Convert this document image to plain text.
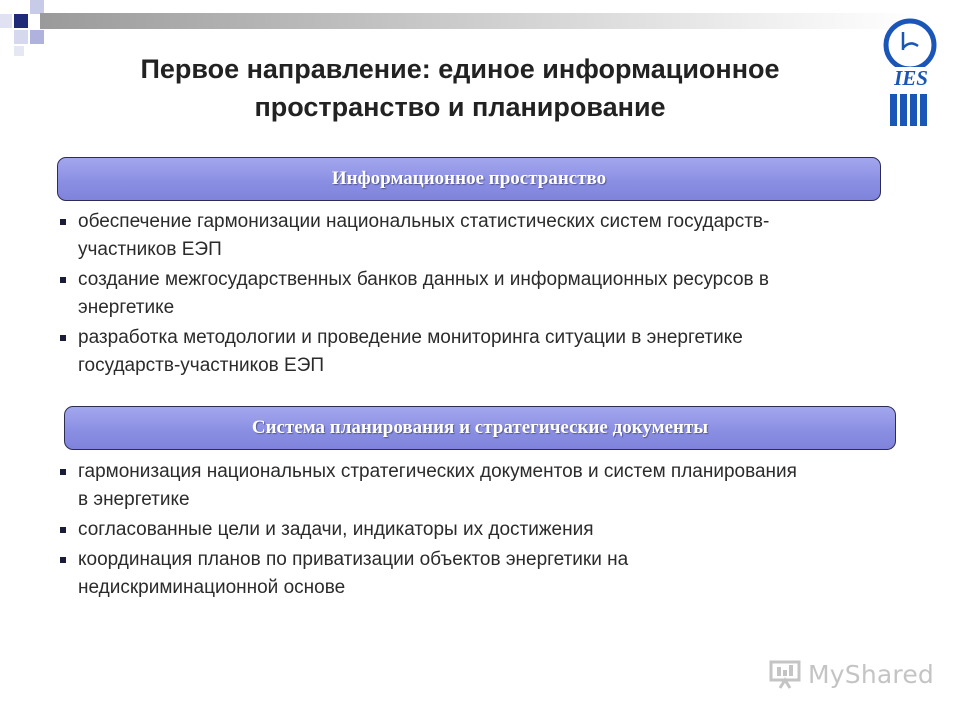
Первое направление: единое информационное
пространство и планирование
IES
Информационное пространство
обеспечение гармонизации национальных статистических систем государств-
участников ЕЭП
создание межгосударственных банков данных и информационных ресурсов в
энергетике
разработка методологии и проведение мониторинга ситуации в энергетике
государств-участников ЕЭП
Система планирования и стратегические документы
гармонизация национальных стратегических документов и систем планирования
в энергетике
согласованные цели и задачи, индикаторы их достижения
координация планов по приватизации объектов энергетики на
недискриминационной основе
MyShared
